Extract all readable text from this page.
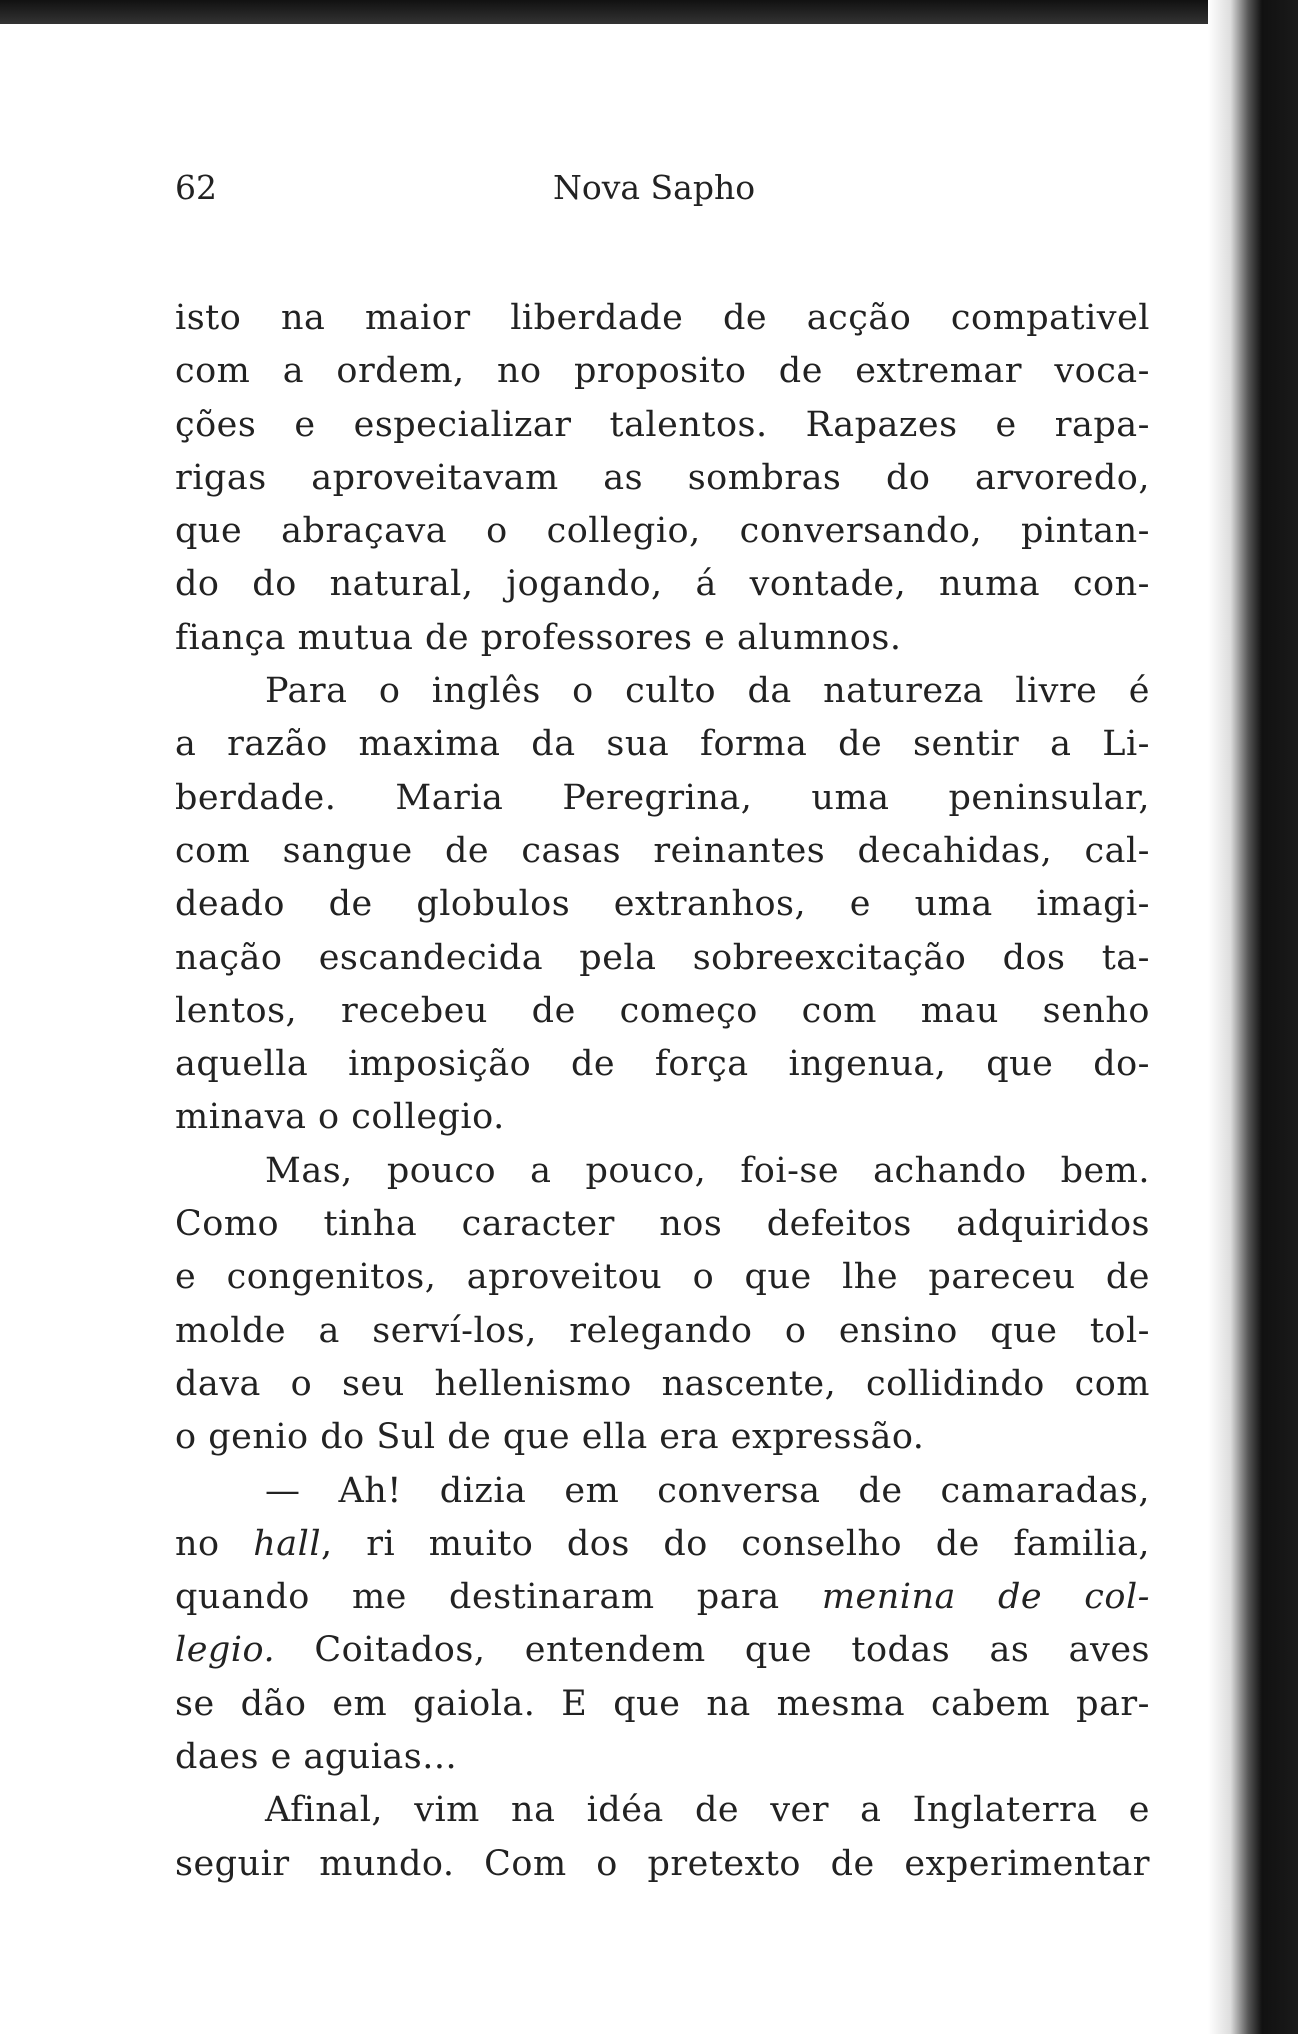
62	Nova Sapho
isto na maior liberdade de acção compativel
com a ordem, no proposito de extremar voca-
ções e especializar talentos. Rapazes e rapa-
rigas aproveitavam as sombras do arvoredo,
que abraçava o collegio, conversando, pintan-
do do natural, jogando, á vontade, numa con-
fiança mutua de professores e alumnos.
Para o inglês o culto da natureza livre é
a razão maxima da sua forma de sentir a Li-
berdade. Maria Peregrina, uma peninsular,
com sangue de casas reinantes decahidas, cal-
deado de globulos extranhos, e uma imagi-
nação escandecida pela sobreexcitação dos ta-
lentos, recebeu de começo com mau senho
aquella imposição de força ingenua, que do-
minava o collegio.
Mas, pouco a pouco, foi-se achando bem.
Como tinha caracter nos defeitos adquiridos
e congenitos, aproveitou o que lhe pareceu de
molde a serví-los, relegando o ensino que tol-
dava o seu hellenismo nascente, collidindo com
o genio do Sul de que ella era expressão.
— Ah! dizia em conversa de camaradas,
no hall, ri muito dos do conselho de familia,
quando me destinaram para menina de col-
legio. Coitados, entendem que todas as aves
se dão em gaiola. E que na mesma cabem par-
daes e aguias...
Afinal, vim na idéa de ver a Inglaterra e
seguir mundo. Com o pretexto de experimentar
